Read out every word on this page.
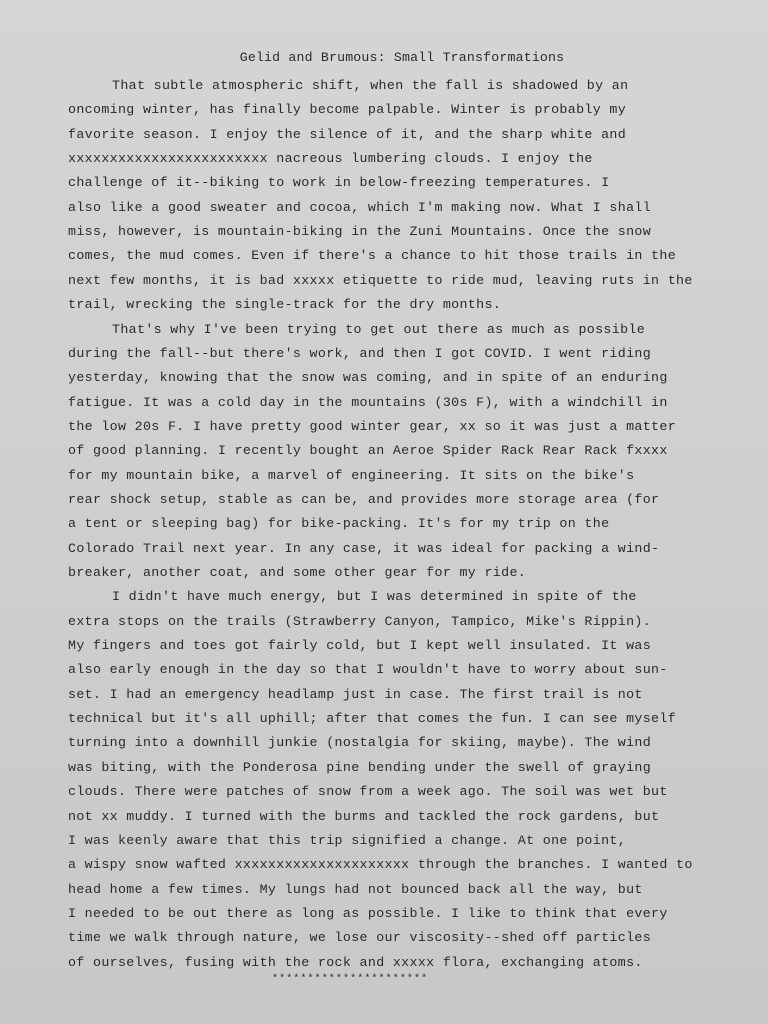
Gelid and Brumous: Small Transformations
That subtle atmospheric shift, when the fall is shadowed by an
oncoming winter, has finally become palpable. Winter is probably my
favorite season. I enjoy the silence of it, and the sharp white and
xxxxxxxxxxxxxxxxxxxxxxxx nacreous lumbering clouds. I enjoy the
challenge of it--biking to work in below-freezing temperatures. I
also like a good sweater and cocoa, which I'm making now. What I shall
miss, however, is mountain-biking in the Zuni Mountains. Once the snow
comes, the mud comes. Even if there's a chance to hit those trails in the
next few months, it is bad xxxxx etiquette to ride mud, leaving ruts in the
trail, wrecking the single-track for the dry months.
That's why I've been trying to get out there as much as possible
during the fall--but there's work, and then I got COVID. I went riding
yesterday, knowing that the snow was coming, and in spite of an enduring
fatigue. It was a cold day in the mountains (30s F), with a windchill in
the low 20s F. I have pretty good winter gear, xx so it was just a matter
of good planning. I recently bought an Aeroe Spider Rack Rear Rack fxxxx
for my mountain bike, a marvel of engineering. It sits on the bike's
rear shock setup, stable as can be, and provides more storage area (for
a tent or sleeping bag) for bike-packing. It's for my trip on the
Colorado Trail next year. In any case, it was ideal for packing a wind-
breaker, another coat, and some other gear for my ride.
I didn't have much energy, but I was determined in spite of the
extra stops on the trails (Strawberry Canyon, Tampico, Mike's Rippin).
My fingers and toes got fairly cold, but I kept well insulated. It was
also early enough in the day so that I wouldn't have to worry about sun-
set. I had an emergency headlamp just in case. The first trail is not
technical but it's all uphill; after that comes the fun. I can see myself
turning into a downhill junkie (nostalgia for skiing, maybe). The wind
was biting, with the Ponderosa pine bending under the swell of graying
clouds. There were patches of snow from a week ago. The soil was wet but
not xx muddy. I turned with the burms and tackled the rock gardens, but
I was keenly aware that this trip signified a change. At one point,
a wispy snow wafted xxxxxxxxxxxxxxxxxxxxx through the branches. I wanted to
head home a few times. My lungs had not bounced back all the way, but
I needed to be out there as long as possible. I like to think that every
time we walk through nature, we lose our viscosity--shed off particles
of ourselves, fusing with the rock and xxxxx flora, exchanging atoms.
**********************
